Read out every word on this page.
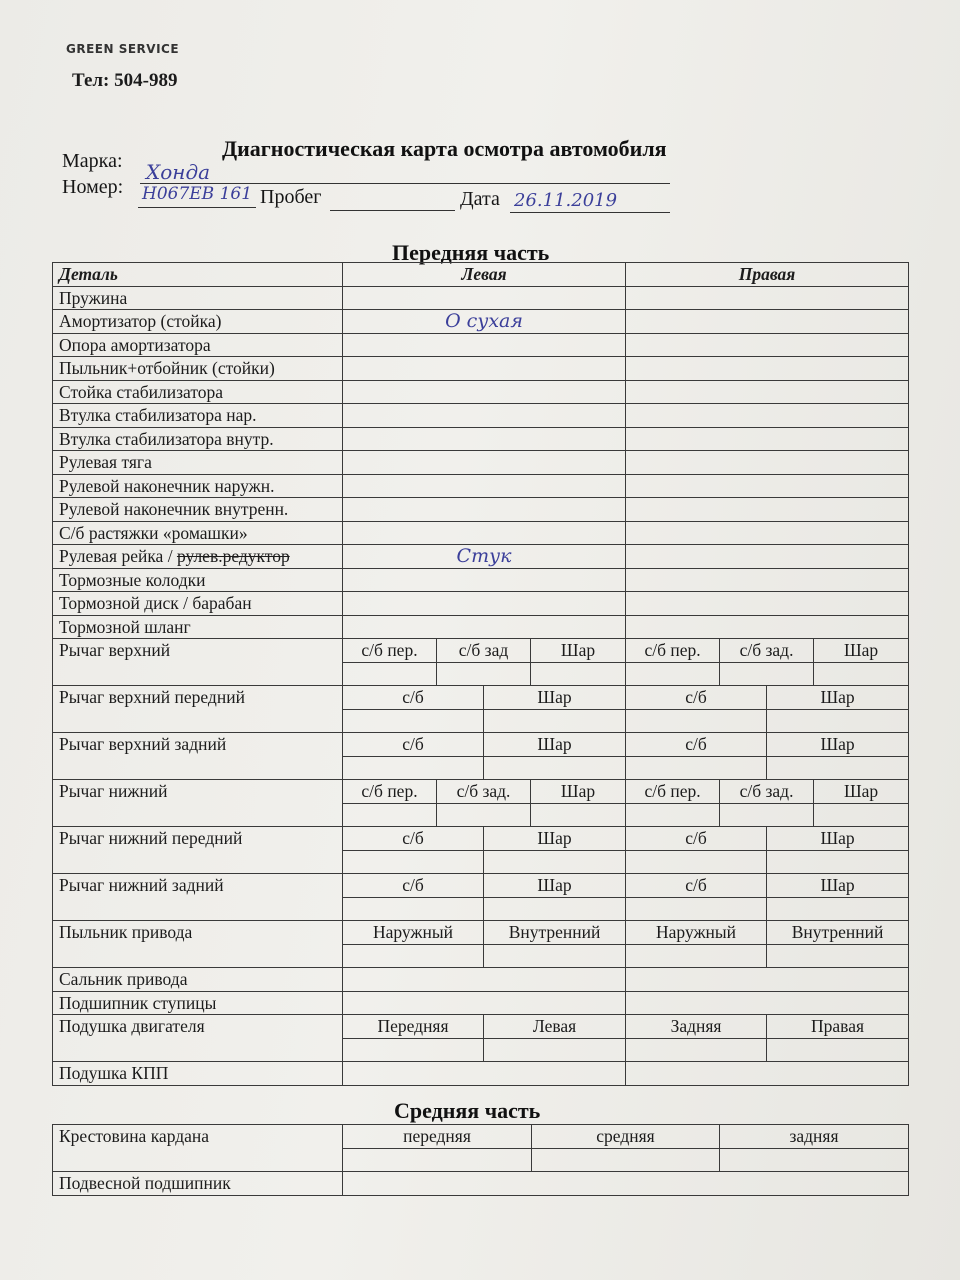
GREEN SERVICE
Тел: 504-989
Диагностическая карта осмотра автомобиля
Марка: Хонда
Номер: Н067ЕВ 161 Пробег	Дата 26.11.2019
Передняя часть
Деталь	Левая				Правая			
Пружина								
Амортизатор (стойка)	О сухая							
Опора амортизатора								
Пыльник+отбойник (стойки)								
Стойка стабилизатора								
Втулка стабилизатора нар.								
Втулка стабилизатора внутр.								
Рулевая тяга								
Рулевой наконечник наружн.								
Рулевой наконечник внутренн.								
С/б растяжки «ромашки»								
Рулевая рейка / рулев.редуктор	Стук							
Тормозные колодки								
Тормозной диск / барабан								
Тормозной шланг								
Рычаг верхний	с/б пер.	с/б зад		Шар	с/б пер.	с/б зад.		Шар

Рычаг верхний передний	с/б		Шар		с/б		Шар	

Рычаг верхний задний	с/б		Шар		с/б		Шар	

Рычаг нижний	с/б пер.	с/б зад.		Шар	с/б пер.	с/б зад.		Шар

Рычаг нижний передний	с/б		Шар		с/б		Шар	

Рычаг нижний задний	с/б		Шар		с/б		Шар	

Пыльник привода	Наружный		Внутренний		Наружный		Внутренний	

Сальник привода								
Подшипник ступицы								
Подушка двигателя	Передняя		Левая		Задняя		Правая	

Подушка КПП								
Средняя часть
Крестовина кардана	передняя	средняя	задняя

Подвесной подшипник			
